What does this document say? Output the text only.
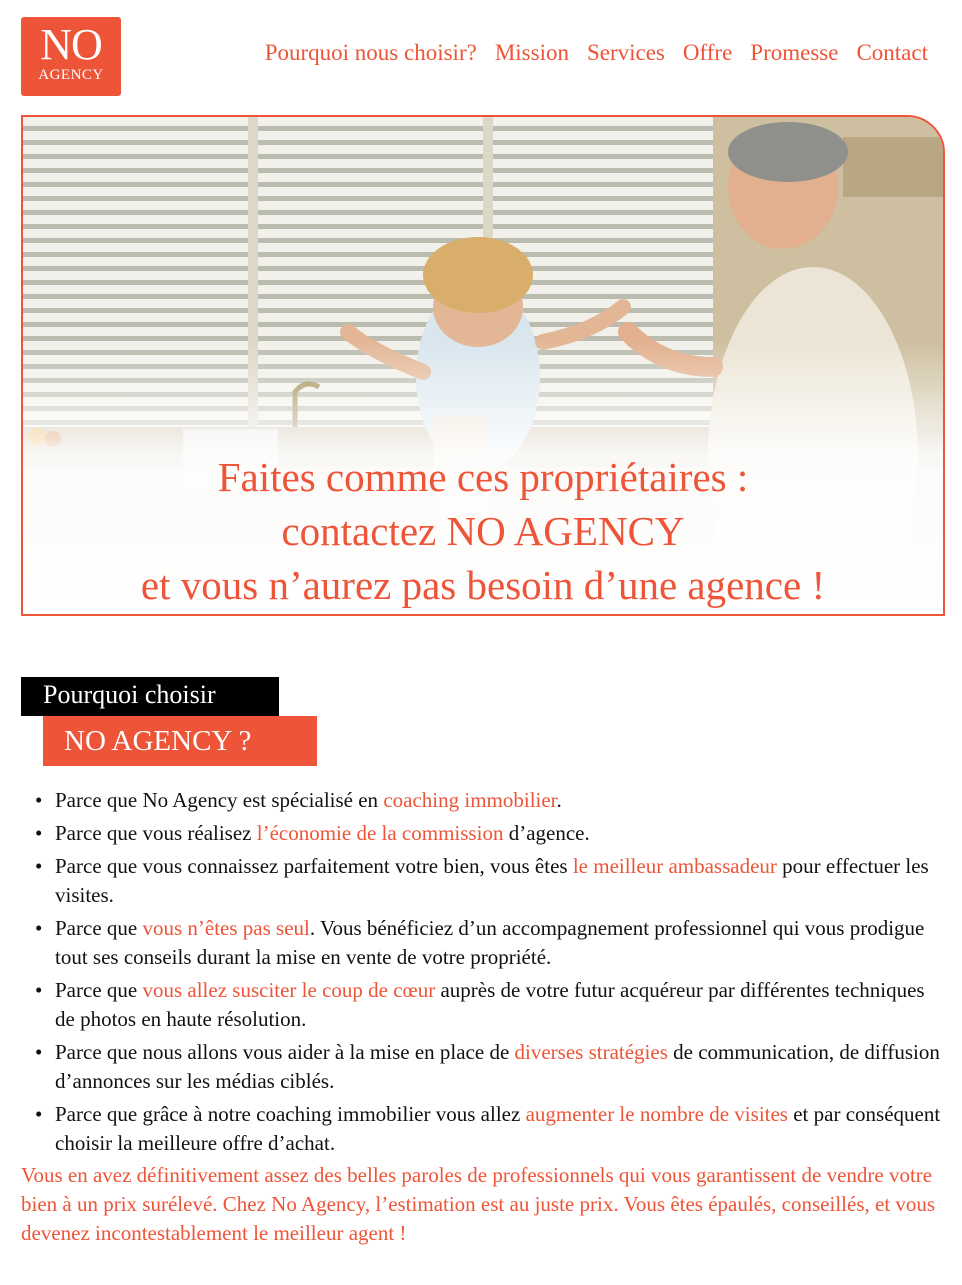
NO
AGENCY
Pourquoi nous choisir? Mission Services Offre Promesse Contact
Faites comme ces propriétaires :
contactez NO AGENCY
et vous n’aurez pas besoin d’une agence !
Pourquoi choisir
NO AGENCY ?
• Parce que No Agency est spécialisé en coaching immobilier.
• Parce que vous réalisez l’économie de la commission d’agence.
• Parce que vous connaissez parfaitement votre bien, vous êtes le meilleur ambassadeur pour effectuer les visites.
• Parce que vous n’êtes pas seul. Vous bénéficiez d’un accompagnement professionnel qui vous prodigue tout ses conseils durant la mise en vente de votre propriété.
• Parce que vous allez susciter le coup de cœur auprès de votre futur acquéreur par différentes techniques de photos en haute résolution.
• Parce que nous allons vous aider à la mise en place de diverses stratégies de communication, de diffusion d’annonces sur les médias ciblés.
• Parce que grâce à notre coaching immobilier vous allez augmenter le nombre de visites et par conséquent choisir la meilleure offre d’achat.

Vous en avez définitivement assez des belles paroles de professionnels qui vous garantissent de vendre votre bien à un prix surélevé. Chez No Agency, l’estimation est au juste prix. Vous êtes épaulés, conseillés, et vous devenez incontestablement le meilleur agent !
